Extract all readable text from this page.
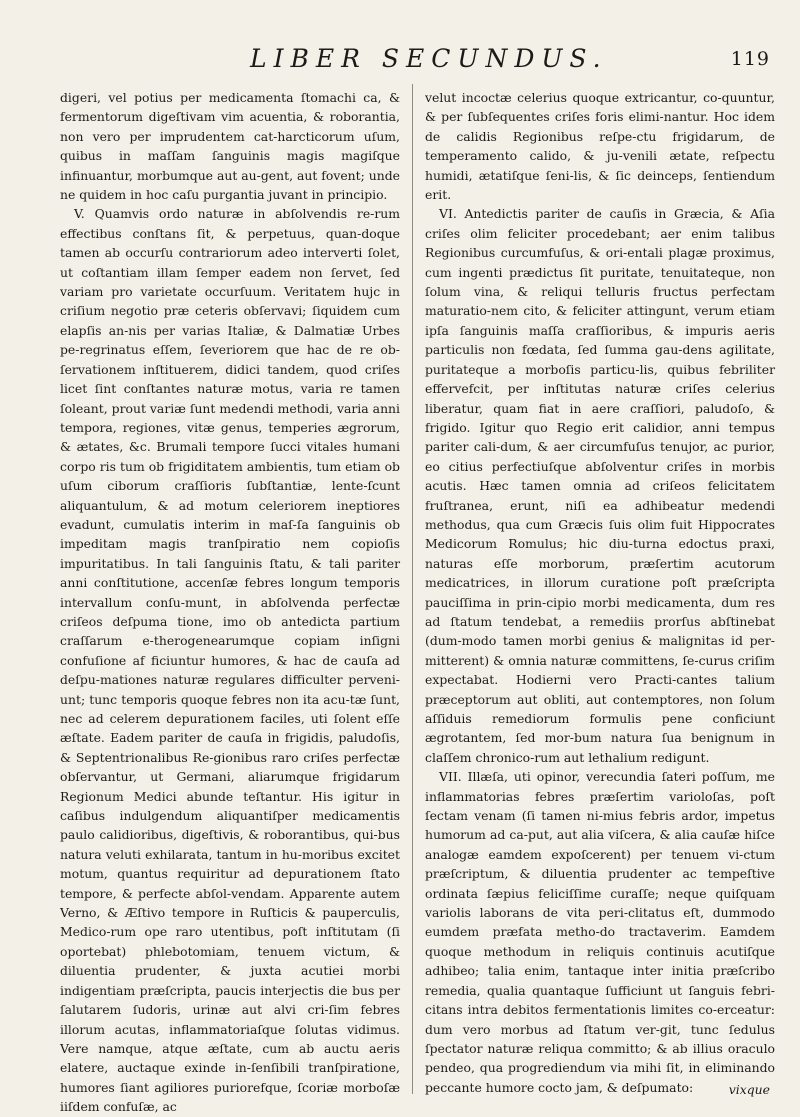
LIBER SECUNDUS.	119

digeri, vel potius per medicamenta ſtomachi ca, & fermentorum digeſtivam vim acuentia, & roborantia, non vero per imprudentem cat-harcticorum uſum, quibus in maſſam ſanguinis magis magiſque infinuantur, morbumque aut au-gent, aut fovent; unde ne quidem in hoc caſu purgantia juvant in principio.

V. Quamvis ordo naturæ in abſolvendis re-rum effectibus conſtans ſit, & perpetuus, quan-doque tamen ab occurſu contrariorum adeo interverti ſolet, ut coſtantiam illam ſemper eadem non ſervet, ſed variam pro varietate occurſuum. Veritatem hujc in criſium negotio præ ceteris obſervavi; ſiquidem cum elapſis an-nis per varias Italiæ, & Dalmatiæ Urbes pe-regrinatus eſſem, ſeveriorem que hac de re ob-ſervationem inſtituerem, didici tandem, quod criſes licet ſint conſtantes naturæ motus, varia re tamen ſoleant, prout variæ ſunt medendi methodi, varia anni tempora, regiones, vitæ genus, temperies ægrorum, & ætates, &c. Brumali tempore ſucci vitales humani corpo ris tum ob frigiditatem ambientis, tum etiam ob uſum ciborum craſſioris ſubſtantiæ, lente-ſcunt aliquantulum, & ad motum celeriorem ineptiores evadunt, cumulatis interim in maſ-ſa ſanguinis ob impeditam magis tranſpiratio nem copioſis impuritatibus. In tali ſanguinis ſtatu, & tali pariter anni conſtitutione, accenſæ febres longum temporis intervallum conſu-munt, in abſolvenda perfectæ criſeos deſpuma tione, imo ob antedicta partium craſſarum e-therogenearumque copiam inſigni confuſione af ficiuntur humores, & hac de cauſa ad deſpu-mationes naturæ regulares difficulter perveni-unt; tunc temporis quoque febres non ita acu-tæ ſunt, nec ad celerem depurationem faciles, uti ſolent eſſe æſtate. Eadem pariter de cauſa in frigidis, paludoſis, & Septentrionalibus Re-gionibus raro criſes perfectæ obſervantur, ut Germani, aliarumque frigidarum Regionum Medici abunde teſtantur. His igitur in caſibus indulgendum aliquantiſper medicamentis paulo calidioribus, digeſtivis, & roborantibus, qui-bus natura veluti exhilarata, tantum in hu-moribus excitet motum, quantus requiritur ad depurationem ſtato tempore, & perfecte abſol-vendam. Apparente autem Verno, & Æſtivo tempore in Ruſticis & pauperculis, Medico-rum ope raro utentibus, poſt inſtitutam (ſi oportebat) phlebotomiam, tenuem victum, & diluentia prudenter, & juxta acutiei morbi indigentiam præſcripta, paucis interjectis die bus per ſalutarem ſudoris, urinæ aut alvi cri-ſim febres illorum acutas, inflammatoriaſque ſolutas vidimus. Vere namque, atque æſtate, cum ab auctu aeris elatere, auctaque exinde in-ſenſibili tranſpiratione, humores ſiant agiliores puriorefque, ſcoriæ morboſæ iiſdem confuſæ, ac

velut incoctæ celerius quoque extricantur, co-quuntur, & per ſubſequentes criſes foris elimi-nantur. Hoc idem de calidis Regionibus reſpe-ctu frigidarum, de temperamento calido, & ju-venili ætate, reſpectu humidi, ætatiſque ſeni-lis, & ſic deinceps, ſentiendum erit.

VI. Antedictis pariter de cauſis in Græcia, & Aſia criſes olim feliciter procedebant; aer enim talibus Regionibus curcumfuſus, & ori-entali plagæ proximus, cum ingenti prædictus ſit puritate, tenuitateque, non ſolum vina, & reliqui telluris fructus perfectam maturatio-nem cito, & feliciter attingunt, verum etiam ipſa ſanguinis maſſa craſſioribus, & impuris aeris particulis non fœdata, ſed ſumma gau-dens agilitate, puritateque a morboſis particu-lis, quibus febriliter effervefcit, per inſtitutas naturæ criſes celerius liberatur, quam fiat in aere craſſiori, paludoſo, & frigido. Igitur quo Regio erit calidior, anni tempus pariter cali-dum, & aer circumfuſus tenujor, ac purior, eo citius perfectiuſque abſolventur criſes in morbis acutis. Hæc tamen omnia ad criſeos felicitatem fruſtranea, erunt, niſi ea adhibeatur medendi methodus, qua cum Græcis ſuis olim fuit Hippocrates Medicorum Romulus; hic diu-turna edoctus praxi, naturas eſſe morborum, præſertim acutorum medicatrices, in illorum curatione poſt præſcripta pauciſſima in prin-cipio morbi medicamenta, dum res ad ſtatum tendebat, a remediis prorſus abſtinebat (dum-modo tamen morbi genius & malignitas id per-mitterent) & omnia naturæ committens, ſe-curus criſim expectabat. Hodierni vero Practi-cantes talium præceptorum aut obliti, aut contemptores, non ſolum aſſiduis remediorum formulis pene conficiunt ægrotantem, ſed mor-bum natura ſua benignum in claſſem chronico-rum aut lethalium redigunt.

VII. Illæſa, uti opinor, verecundia ſateri poſſum, me inflammatorias febres præſertim varioloſas, poſt ſectam venam (ſi tamen ni-mius febris ardor, impetus humorum ad ca-put, aut alia viſcera, & alia cauſæ hiſce analogæ eamdem expoſcerent) per tenuem vi-ctum præſcriptum, & diluentia prudenter ac tempeſtive ordinata ſæpius feliciſſime curaſſe; neque quiſquam variolis laborans de vita peri-clitatus eſt, dummodo eumdem præfata metho-do tractaverim. Eamdem quoque methodum in reliquis continuis acutiſque adhibeo; talia enim, tantaque inter initia præſcribo remedia, qualia quantaque ſufficiunt ut ſanguis febri-citans intra debitos fermentationis limites co-erceatur: dum vero morbus ad ſtatum ver-git, tunc ſedulus ſpectator naturæ reliqua committo; & ab illius oraculo pendeo, qua progrediendum via mihi ſit, in eliminando peccante humore cocto jam, & deſpumato:	vixque
